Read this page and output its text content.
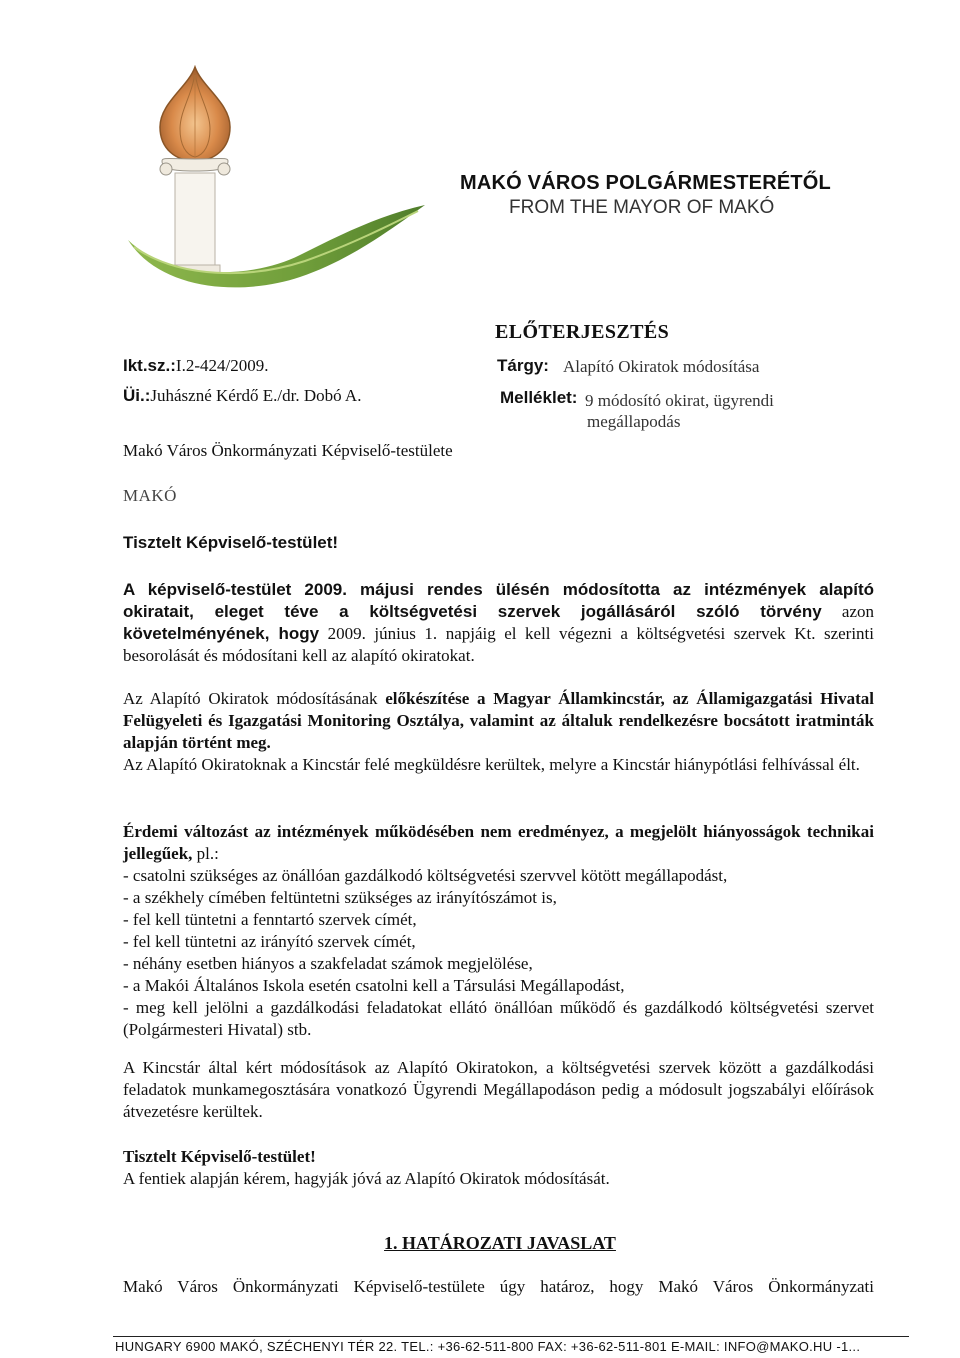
MAKÓ VÁROS POLGÁRMESTERÉTŐL
FROM THE MAYOR OF MAKÓ
ELŐTERJESZTÉS
Ikt.sz.:I.2-424/2009.
Üi.:Juhászné Kérdő E./dr. Dobó A.
Tárgy: Alapító Okiratok módosítása
Melléklet: 9 módosító okirat, ügyrendi
megállapodás
Makó Város Önkormányzati Képviselő-testülete
MAKÓ
Tisztelt Képviselő-testület!
A képviselő-testület 2009. májusi rendes ülésén módosította az intézmények alapító okiratait, eleget téve a költségvetési szervek jogállásáról szóló törvény azon követelményének, hogy 2009. június 1. napjáig el kell végezni a költségvetési szervek Kt. szerinti besorolását és módosítani kell az alapító okiratokat.
Az Alapító Okiratok módosításának előkészítése a Magyar Államkincstár, az Államigazgatási Hivatal Felügyeleti és Igazgatási Monitoring Osztálya, valamint az általuk rendelkezésre bocsátott iratminták alapján történt meg.
Az Alapító Okiratoknak a Kincstár felé megküldésre kerültek, melyre a Kincstár hiánypótlási felhívással élt.
Érdemi változást az intézmények működésében nem eredményez, a megjelölt hiányosságok technikai jellegűek, pl.:
- csatolni szükséges az önállóan gazdálkodó költségvetési szervvel kötött megállapodást,
- a székhely címében feltüntetni szükséges az irányítószámot is,
- fel kell tüntetni a fenntartó szervek címét,
- fel kell tüntetni az irányító szervek címét,
- néhány esetben hiányos a szakfeladat számok megjelölése,
- a Makói Általános Iskola esetén csatolni kell a Társulási Megállapodást,
- meg kell jelölni a gazdálkodási feladatokat ellátó önállóan működő és gazdálkodó költségvetési szervet (Polgármesteri Hivatal) stb.
A Kincstár által kért módosítások az Alapító Okiratokon, a költségvetési szervek között a gazdálkodási feladatok munkamegosztására vonatkozó Ügyrendi Megállapodáson pedig a módosult jogszabályi előírások átvezetésre kerültek.
Tisztelt Képviselő-testület!
A fentiek alapján kérem, hagyják jóvá az Alapító Okiratok módosítását.
1. HATÁROZATI JAVASLAT
Makó Város Önkormányzati Képviselő-testülete úgy határoz, hogy Makó Város Önkormányzati
HUNGARY 6900 MAKÓ, SZÉCHENYI TÉR 22. TEL.: +36-62-511-800 FAX: +36-62-511-801 E-MAIL: INFO@MAKO.HU -1...
